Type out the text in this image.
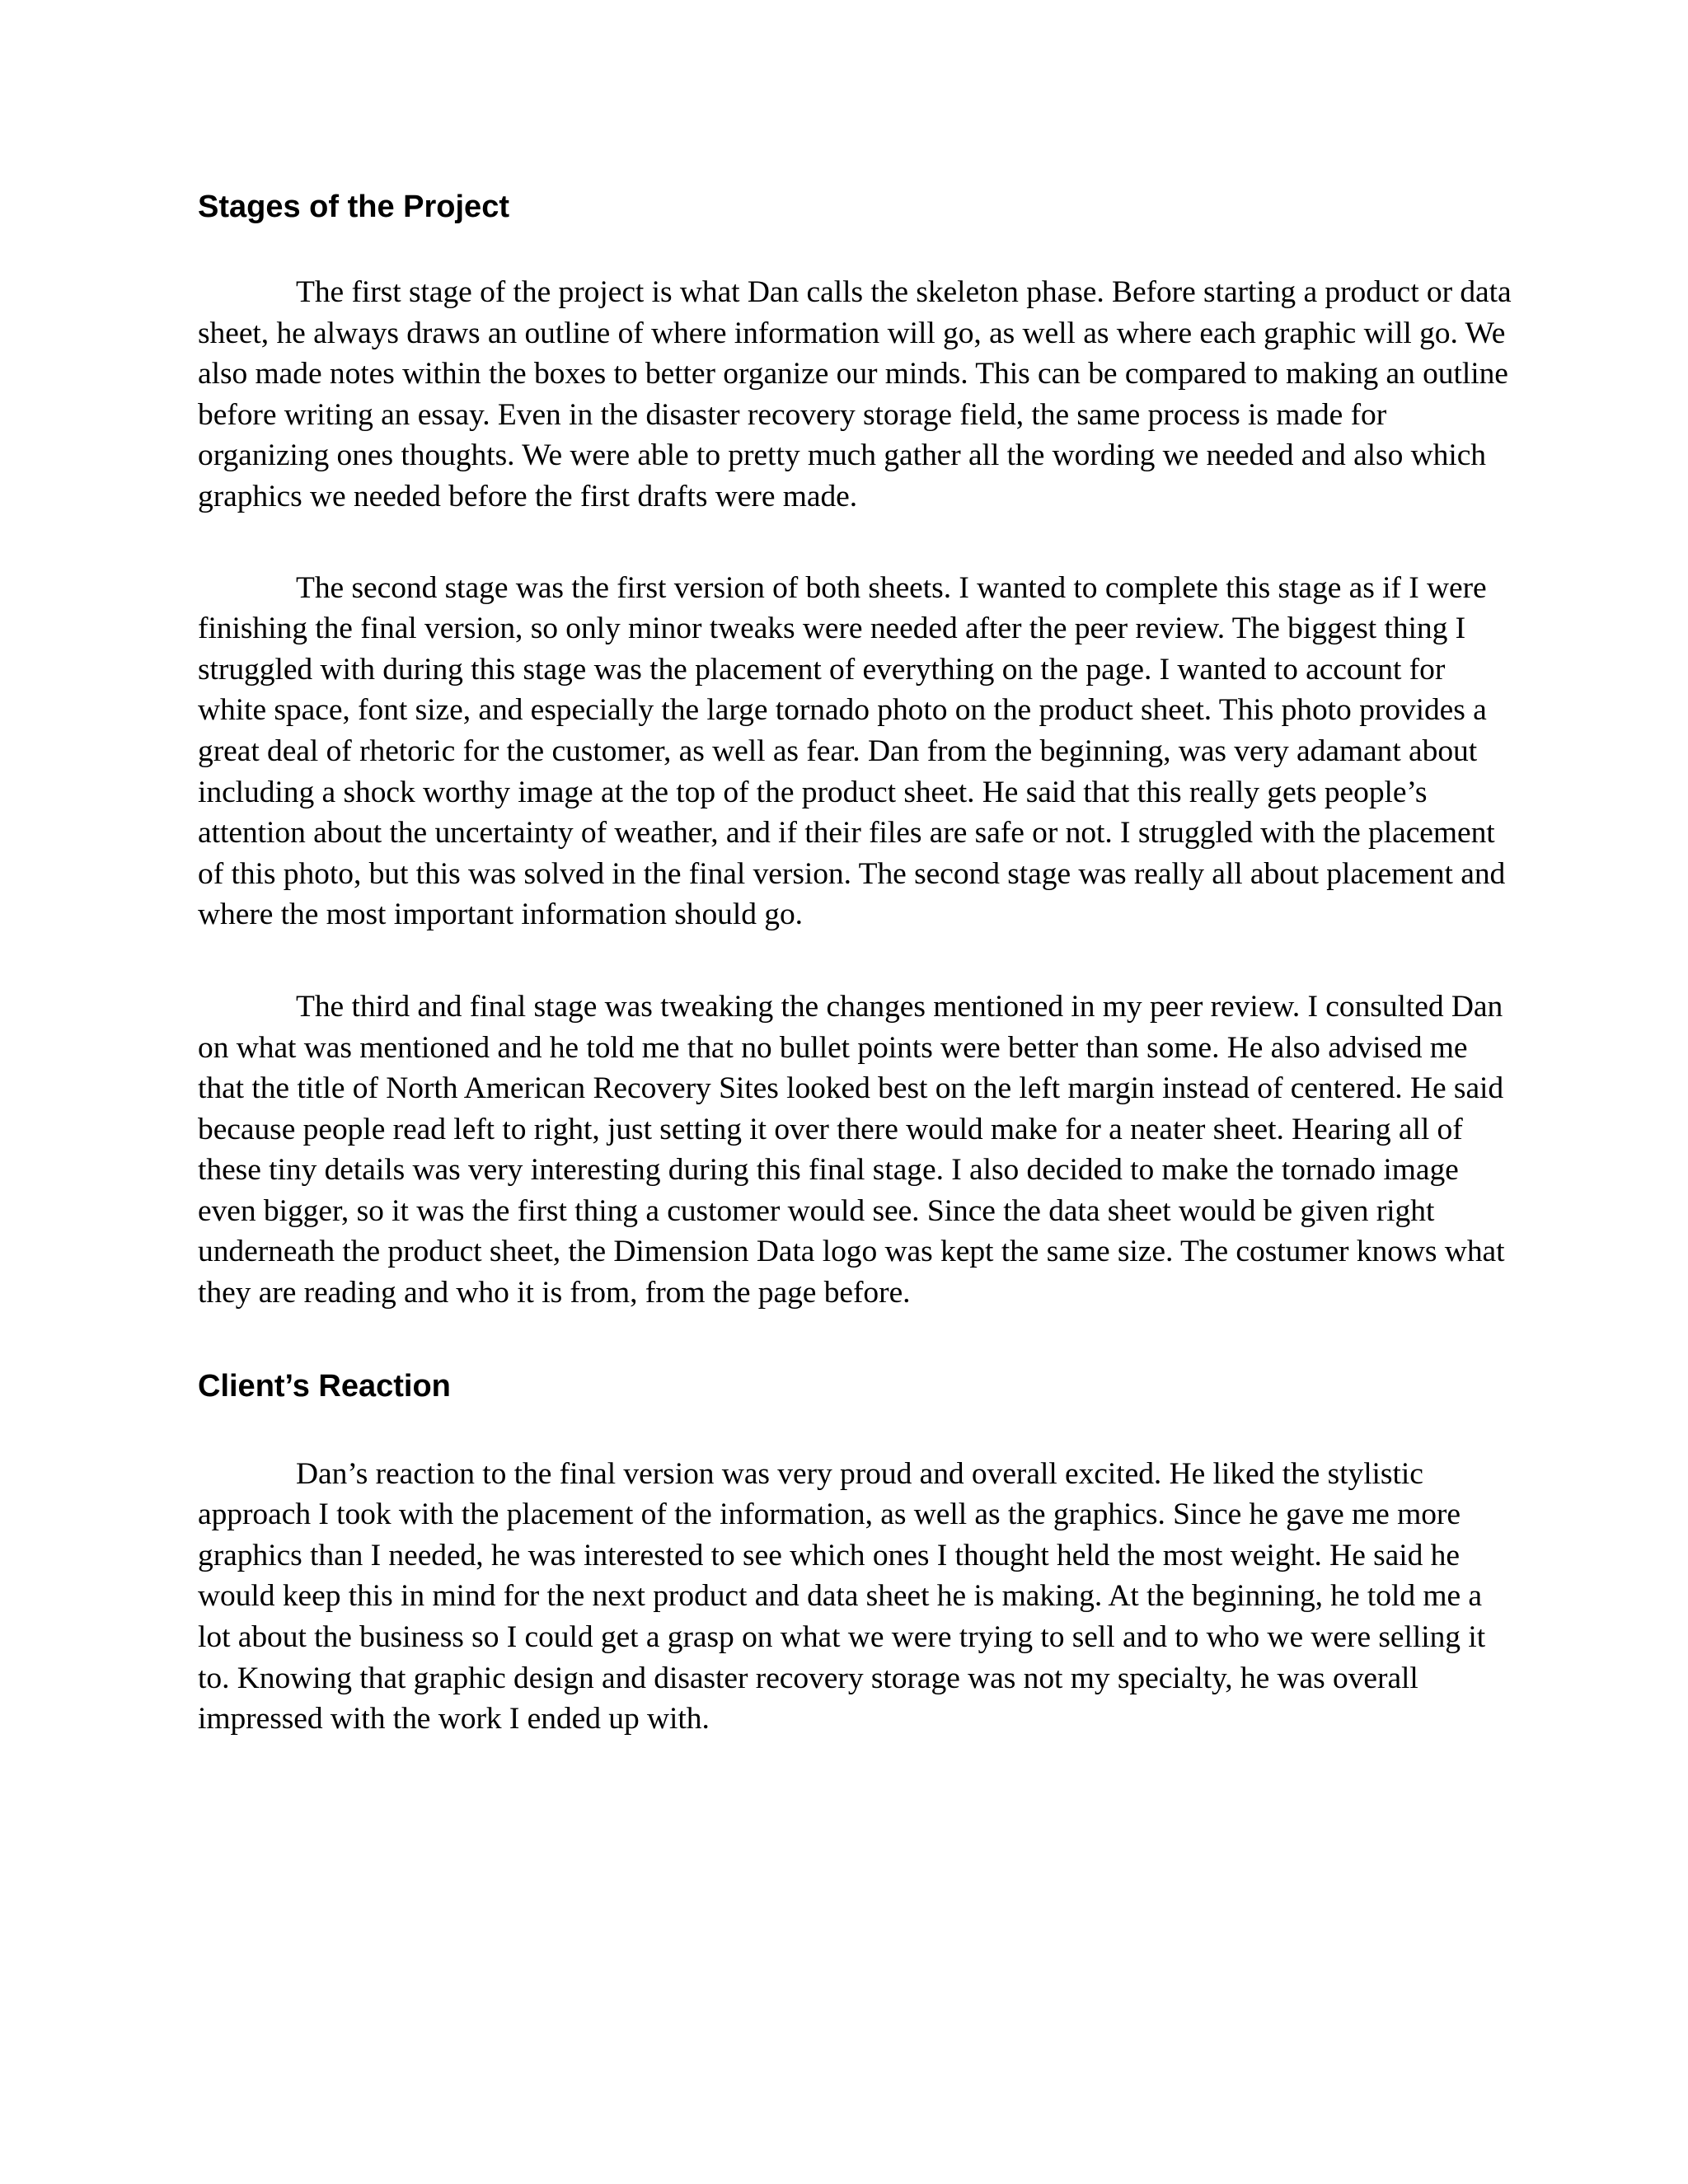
Stages of the Project

The first stage of the project is what Dan calls the skeleton phase. Before starting a product or data sheet, he always draws an outline of where information will go, as well as where each graphic will go. We also made notes within the boxes to better organize our minds. This can be compared to making an outline before writing an essay. Even in the disaster recovery storage field, the same process is made for organizing ones thoughts. We were able to pretty much gather all the wording we needed and also which graphics we needed before the first drafts were made.

The second stage was the first version of both sheets. I wanted to complete this stage as if I were finishing the final version, so only minor tweaks were needed after the peer review. The biggest thing I struggled with during this stage was the placement of everything on the page. I wanted to account for white space, font size, and especially the large tornado photo on the product sheet. This photo provides a great deal of rhetoric for the customer, as well as fear. Dan from the beginning, was very adamant about including a shock worthy image at the top of the product sheet. He said that this really gets people’s attention about the uncertainty of weather, and if their files are safe or not. I struggled with the placement of this photo, but this was solved in the final version. The second stage was really all about placement and where the most important information should go.

The third and final stage was tweaking the changes mentioned in my peer review. I consulted Dan on what was mentioned and he told me that no bullet points were better than some. He also advised me that the title of North American Recovery Sites looked best on the left margin instead of centered. He said because people read left to right, just setting it over there would make for a neater sheet. Hearing all of these tiny details was very interesting during this final stage. I also decided to make the tornado image even bigger, so it was the first thing a customer would see. Since the data sheet would be given right underneath the product sheet, the Dimension Data logo was kept the same size. The costumer knows what they are reading and who it is from, from the page before.

Client’s Reaction

Dan’s reaction to the final version was very proud and overall excited. He liked the stylistic approach I took with the placement of the information, as well as the graphics. Since he gave me more graphics than I needed, he was interested to see which ones I thought held the most weight. He said he would keep this in mind for the next product and data sheet he is making. At the beginning, he told me a lot about the business so I could get a grasp on what we were trying to sell and to who we were selling it to. Knowing that graphic design and disaster recovery storage was not my specialty, he was overall impressed with the work I ended up with.
